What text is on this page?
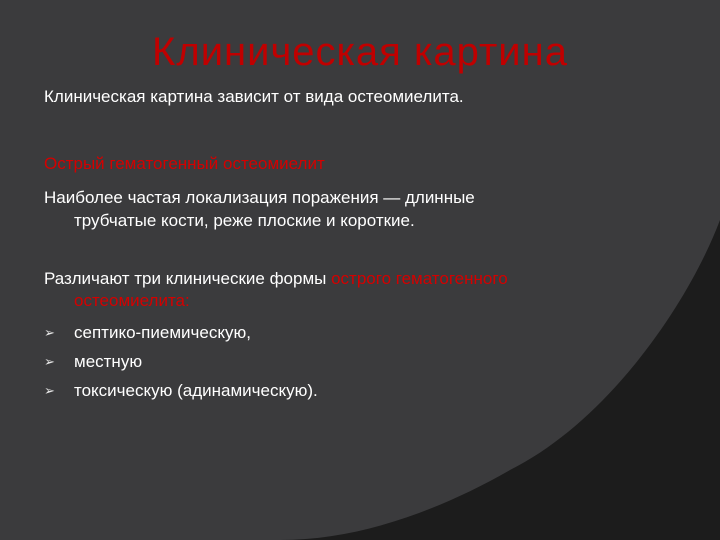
Клиническая картина
Клиническая картина зависит от вида остеомиелита.
Острый гематогенный остеомиелит
Наиболее частая локализация поражения — длинные
трубчатые кости, реже плоские и короткие.
Различают три клинические формы острого гематогенного
остеомиелита:
➢	септико-пиемическую,
➢	местную
➢	токсическую (адинамическую).
